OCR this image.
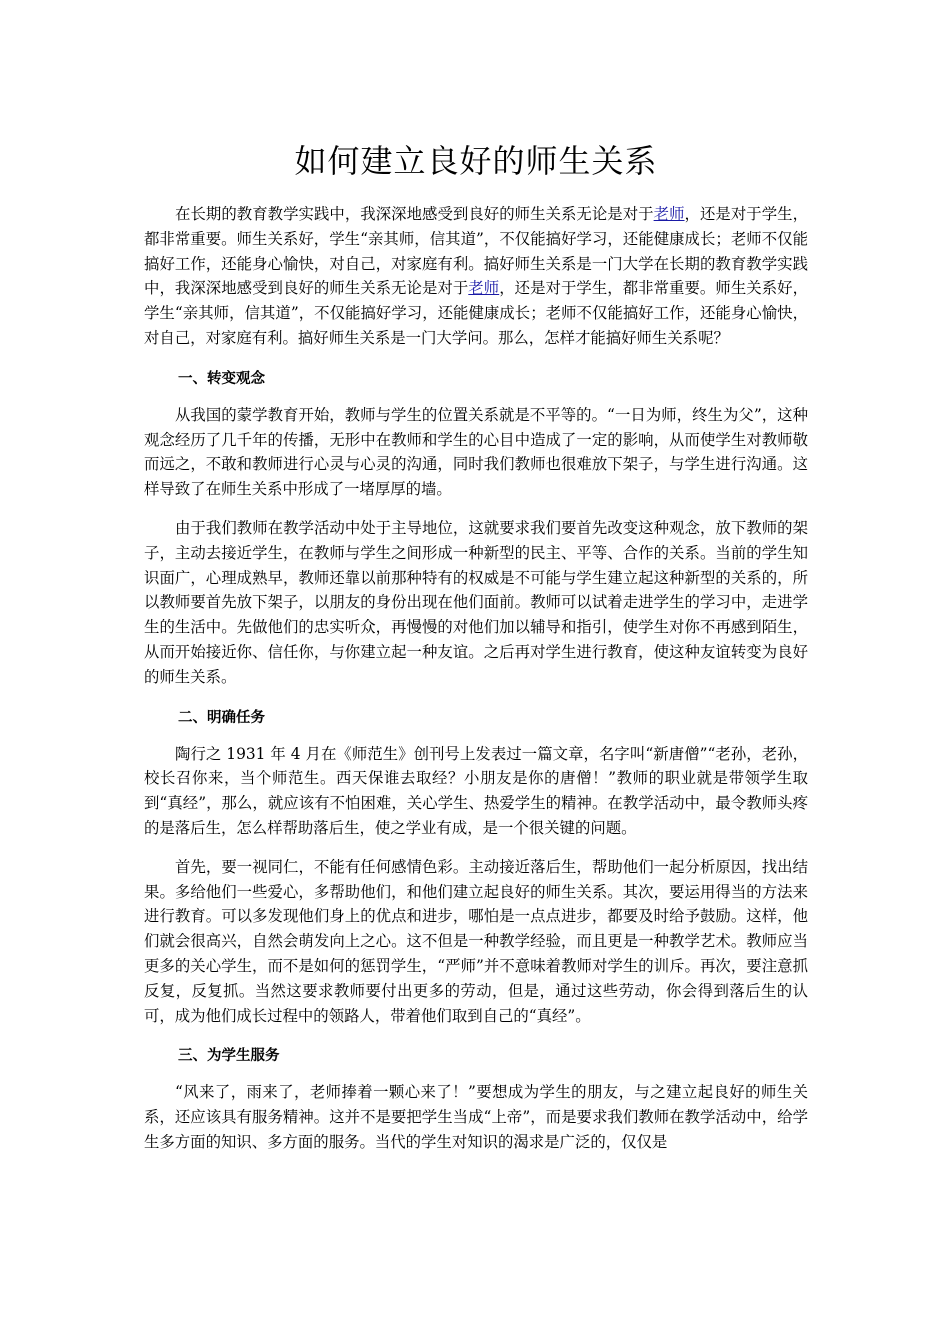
如何建立良好的师生关系

在长期的教育教学实践中，我深深地感受到良好的师生关系无论是对于老师，还是对于学生，都非常重要。师生关系好，学生“亲其师，信其道”，不仅能搞好学习，还能健康成长；老师不仅能搞好工作，还能身心愉快，对自己，对家庭有利。搞好师生关系是一门大学在长期的教育教学实践中，我深深地感受到良好的师生关系无论是对于老师，还是对于学生，都非常重要。师生关系好，学生“亲其师，信其道”，不仅能搞好学习，还能健康成长；老师不仅能搞好工作，还能身心愉快，对自己，对家庭有利。搞好师生关系是一门大学问。那么，怎样才能搞好师生关系呢？

一、转变观念

从我国的蒙学教育开始，教师与学生的位置关系就是不平等的。“一日为师，终生为父”，这种观念经历了几千年的传播，无形中在教师和学生的心目中造成了一定的影响，从而使学生对教师敬而远之，不敢和教师进行心灵与心灵的沟通，同时我们教师也很难放下架子，与学生进行沟通。这样导致了在师生关系中形成了一堵厚厚的墙。

由于我们教师在教学活动中处于主导地位，这就要求我们要首先改变这种观念，放下教师的架子，主动去接近学生，在教师与学生之间形成一种新型的民主、平等、合作的关系。当前的学生知识面广，心理成熟早，教师还靠以前那种特有的权威是不可能与学生建立起这种新型的关系的，所以教师要首先放下架子，以朋友的身份出现在他们面前。教师可以试着走进学生的学习中，走进学生的生活中。先做他们的忠实听众，再慢慢的对他们加以辅导和指引，使学生对你不再感到陌生，从而开始接近你、信任你，与你建立起一种友谊。之后再对学生进行教育，使这种友谊转变为良好的师生关系。

二、明确任务

陶行之 1931 年 4 月在《师范生》创刊号上发表过一篇文章，名字叫“新唐僧”“老孙，老孙，校长召你来，当个师范生。西天保谁去取经？小朋友是你的唐僧！”教师的职业就是带领学生取到“真经”，那么，就应该有不怕困难，关心学生、热爱学生的精神。在教学活动中，最令教师头疼的是落后生，怎么样帮助落后生，使之学业有成，是一个很关键的问题。

首先，要一视同仁，不能有任何感情色彩。主动接近落后生，帮助他们一起分析原因，找出结果。多给他们一些爱心，多帮助他们，和他们建立起良好的师生关系。其次，要运用得当的方法来进行教育。可以多发现他们身上的优点和进步，哪怕是一点点进步，都要及时给予鼓励。这样，他们就会很高兴，自然会萌发向上之心。这不但是一种教学经验，而且更是一种教学艺术。教师应当更多的关心学生，而不是如何的惩罚学生，“严师”并不意味着教师对学生的训斥。再次，要注意抓反复，反复抓。当然这要求教师要付出更多的劳动，但是，通过这些劳动，你会得到落后生的认可，成为他们成长过程中的领路人，带着他们取到自己的“真经”。

三、为学生服务

“风来了，雨来了，老师捧着一颗心来了！”要想成为学生的朋友，与之建立起良好的师生关系，还应该具有服务精神。这并不是要把学生当成“上帝”，而是要求我们教师在教学活动中，给学生多方面的知识、多方面的服务。当代的学生对知识的渴求是广泛的，仅仅是
